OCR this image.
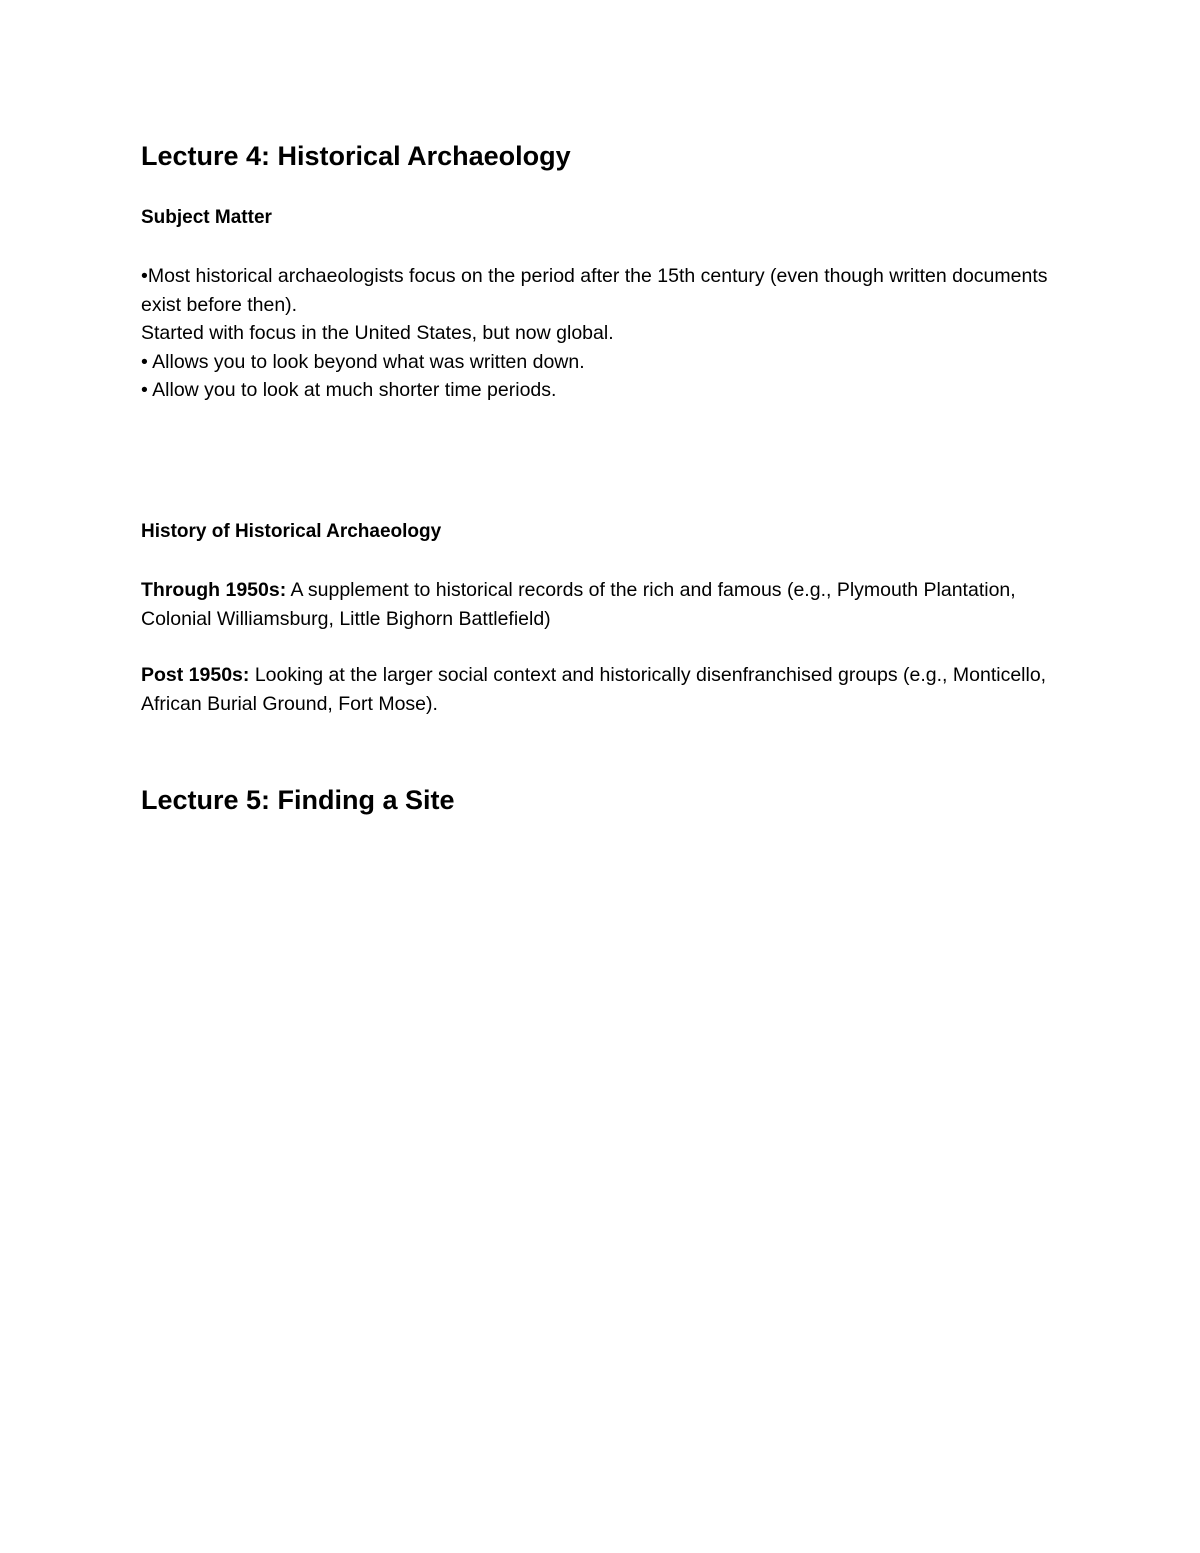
Lecture 4: Historical Archaeology
Subject Matter

•Most historical archaeologists focus on the period after the 15th century (even though written documents exist before then).

Started with focus in the United States, but now global.

• Allows you to look beyond what was written down.

• Allow you to look at much shorter time periods.

History of Historical Archaeology

Through 1950s: A supplement to historical records of the rich and famous (e.g., Plymouth Plantation, Colonial Williamsburg, Little Bighorn Battlefield)

Post 1950s: Looking at the larger social context and historically disenfranchised groups (e.g., Monticello, African Burial Ground, Fort Mose).

Lecture 5: Finding a Site
